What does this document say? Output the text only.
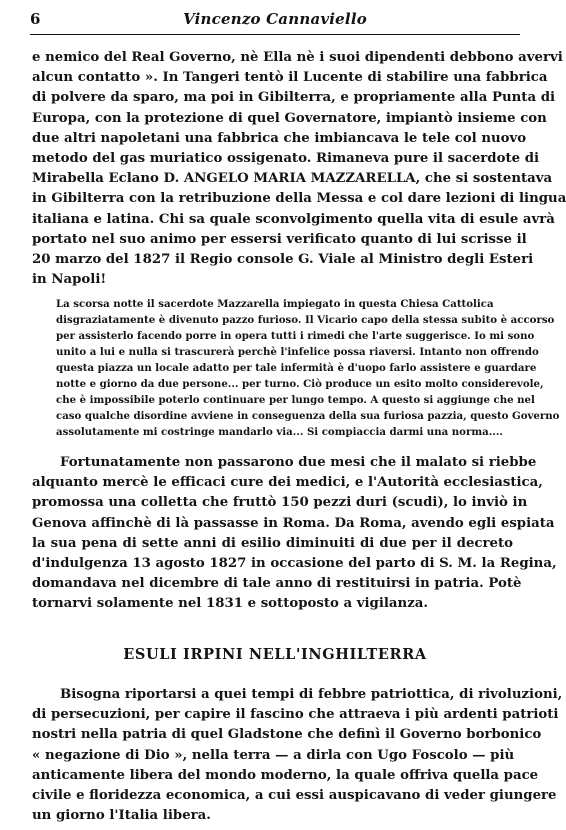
6	Vincenzo Cannaviello

e nemico del Real Governo, nè Ella nè i suoi dipendenti debbono avervi
alcun contatto ». In Tangeri tentò il Lucente di stabilire una fabbrica
di polvere da sparo, ma poi in Gibilterra, e propriamente alla Punta di
Europa, con la protezione di quel Governatore, impiantò insieme con
due altri napoletani una fabbrica che imbiancava le tele col nuovo
metodo del gas muriatico ossigenato. Rimaneva pure il sacerdote di
Mirabella Eclano D. ANGELO MARIA MAZZARELLA, che si sostentava
in Gibilterra con la retribuzione della Messa e col dare lezioni di lingua
italiana e latina. Chi sa quale sconvolgimento quella vita di esule avrà
portato nel suo animo per essersi verificato quanto di lui scrisse il
20 marzo del 1827 il Regio console G. Viale al Ministro degli Esteri
in Napoli!

La scorsa notte il sacerdote Mazzarella impiegato in questa Chiesa Cattolica
disgraziatamente è divenuto pazzo furioso. Il Vicario capo della stessa subito è accorso
per assisterlo facendo porre in opera tutti i rimedi che l'arte suggerisce. Io mi sono
unito a lui e nulla si trascurerà perchè l'infelice possa riaversi. Intanto non offrendo
questa piazza un locale adatto per tale infermità è d'uopo farlo assistere e guardare
notte e giorno da due persone... per turno. Ciò produce un esito molto considerevole,
che è impossibile poterlo continuare per lungo tempo. A questo si aggiunge che nel
caso qualche disordine avviene in conseguenza della sua furiosa pazzia, questo Governo
assolutamente mi costringe mandarlo via... Si compiaccia darmi una norma....

Fortunatamente non passarono due mesi che il malato si riebbe
alquanto mercè le efficaci cure dei medici, e l'Autorità ecclesiastica,
promossa una colletta che fruttò 150 pezzi duri (scudi), lo inviò in
Genova affinchè di là passasse in Roma. Da Roma, avendo egli espiata
la sua pena di sette anni di esilio diminuiti di due per il decreto
d'indulgenza 13 agosto 1827 in occasione del parto di S. M. la Regina,
domandava nel dicembre di tale anno di restituirsi in patria. Potè
tornarvi solamente nel 1831 e sottoposto a vigilanza.

ESULI IRPINI NELL'INGHILTERRA

Bisogna riportarsi a quei tempi di febbre patriottica, di rivoluzioni,
di persecuzioni, per capire il fascino che attraeva i più ardenti patrioti
nostri nella patria di quel Gladstone che definì il Governo borbonico
« negazione di Dio », nella terra — a dirla con Ugo Foscolo — più
anticamente libera del mondo moderno, la quale offriva quella pace
civile e floridezza economica, a cui essi auspicavano di veder giungere
un giorno l'Italia libera.
